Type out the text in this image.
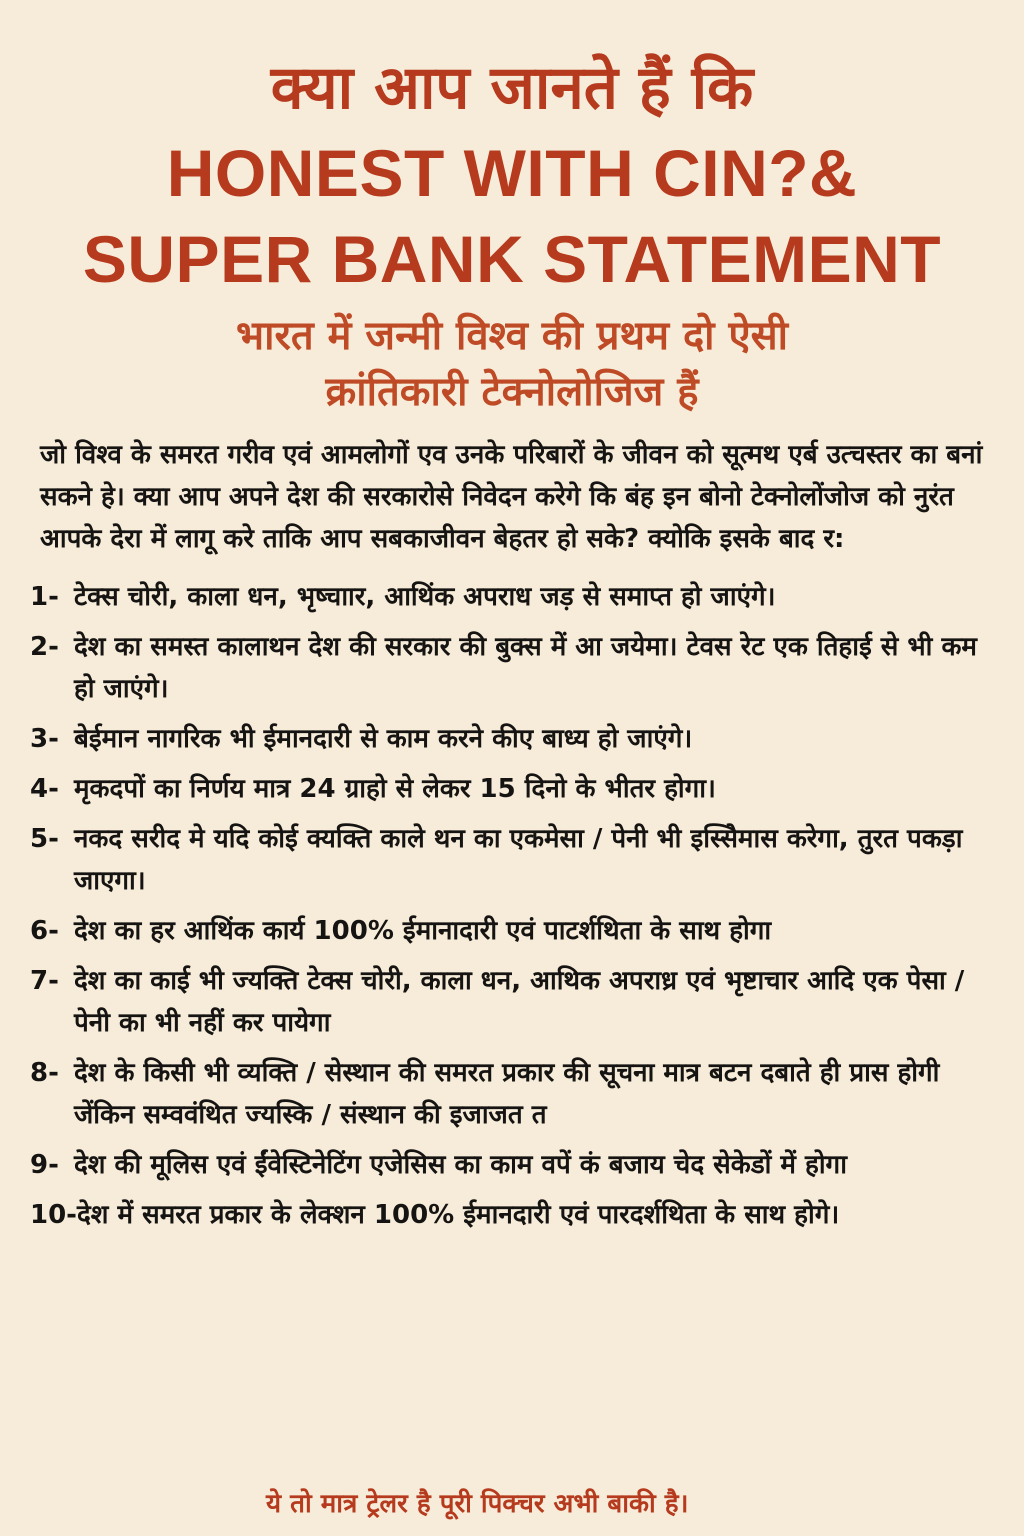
क्या आप जानते हैं कि
HONEST WITH CIN?&
SUPER BANK STATEMENT
भारत में जन्मी विश्व की प्रथम दो ऐसी
क्रांतिकारी टेक्नोलोजिज हैं

जो विश्व के समरत गरीव एवं आमलोगों एव उनके परिबारों के जीवन को सूत्मथ एर्ब उत्चस्तर का बनां सकने हे। क्या आप अपने देश की सरकारोसे निवेदन करेगे कि बंह इन बोनो टेक्नोलोंजोज को नुरंत आपके देरा में लागू करे ताकि आप सबकाजीवन बेहतर हो सके? क्योकि इसके बाद र:

1- टेक्स चोरी, काला धन, भृष्चाार, आथिंक अपराध जड़ से समाप्त हो जाएंगे।
2- देश का समस्त कालाथन देश की सरकार की बुक्स में आ जयेमा। टेवस रेट एक तिहाई से भी कम हो जाएंगे।
3- बेईमान नागरिक भी ईमानदारी से काम करने कीए बाध्य हो जाएंगे।
4- मृकदपों का निर्णय मात्र 24 ग्राहो से लेकर 15 दिनो के भीतर होगा।
5- नकद सरीद मे यदि कोई क्यक्ति काले थन का एकमेसा / पेनी भी इस्सिेमास करेगा, तुरत पकड़ा जाएगा।
6- देश का हर आथिंक कार्य 100% ईमानादारी एवं पाटर्शथिता के साथ होगा
7- देश का काई भी ज्यक्ति टेक्स चोरी, काला धन, आथिक अपराध्र एवं भृष्टाचार आदि एक पेसा / पेनी का भी नहीं कर पायेगा
8- देश के किसी भी व्यक्ति / सेस्थान की समरत प्रकार की सूचना मात्र बटन दबाते ही प्रास होगी जेंकिन सम्ववंथित ज्यस्कि / संस्थान की इजाजत त
9- देश की मूलिस एवं ईंवेस्टिनेटिंग एजेसिस का काम वपें कं बजाय चेद सेकेडों में होगा
10- देश में समरत प्रकार के लेक्शन 100% ईमानदारी एवं पारदर्शथिता के साथ होगे।
ये तो मात्र ट्रेलर है पूरी पिक्चर अभी बाकी है।
